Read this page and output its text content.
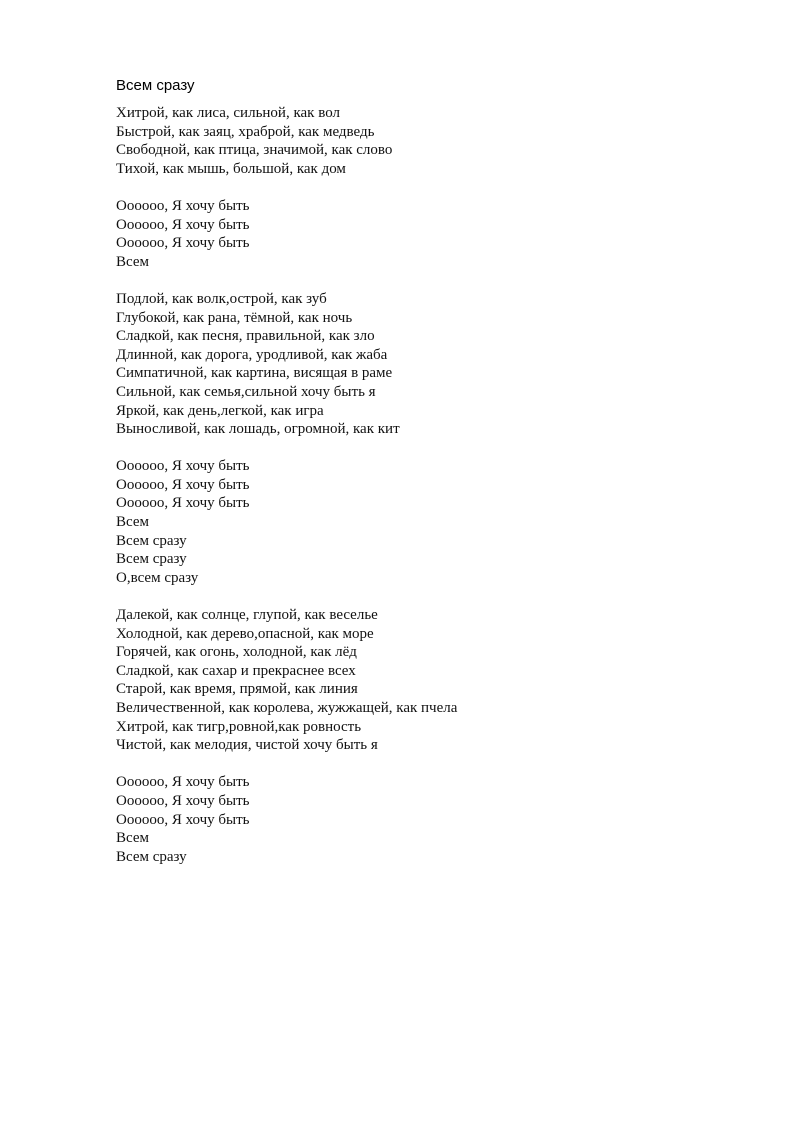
Всем сразу
Хитрой, как лиса, сильной, как вол
Быстрой, как заяц, храброй, как медведь
Свободной, как птица, значимой, как слово
Тихой, как мышь, большой, как дом
Оооооо, Я хочу быть
Оооооо, Я хочу быть
Оооооо, Я хочу быть
Всем
Подлой, как волк,острой, как зуб
Глубокой, как рана, тёмной, как ночь
Сладкой, как песня, правильной, как зло
Длинной, как дорога, уродливой, как жаба
Симпатичной, как картина, висящая в раме
Сильной, как семья,сильной хочу быть я
Яркой, как день,легкой, как игра
Выносливой, как лошадь, огромной, как кит
Оооооо, Я хочу быть
Оооооо, Я хочу быть
Оооооо, Я хочу быть
Всем
Всем сразу
Всем сразу
О,всем сразу
Далекой, как солнце, глупой, как веселье
Холодной, как дерево,опасной, как море
Горячей, как огонь, холодной, как лёд
Сладкой, как сахар и прекраснее всех
Старой, как время, прямой, как линия
Величественной, как королева, жужжащей, как пчела
Хитрой, как тигр,ровной,как ровность
Чистой, как мелодия, чистой хочу быть я
Оооооо, Я хочу быть
Оооооо, Я хочу быть
Оооооо, Я хочу быть
Всем
Всем сразу
